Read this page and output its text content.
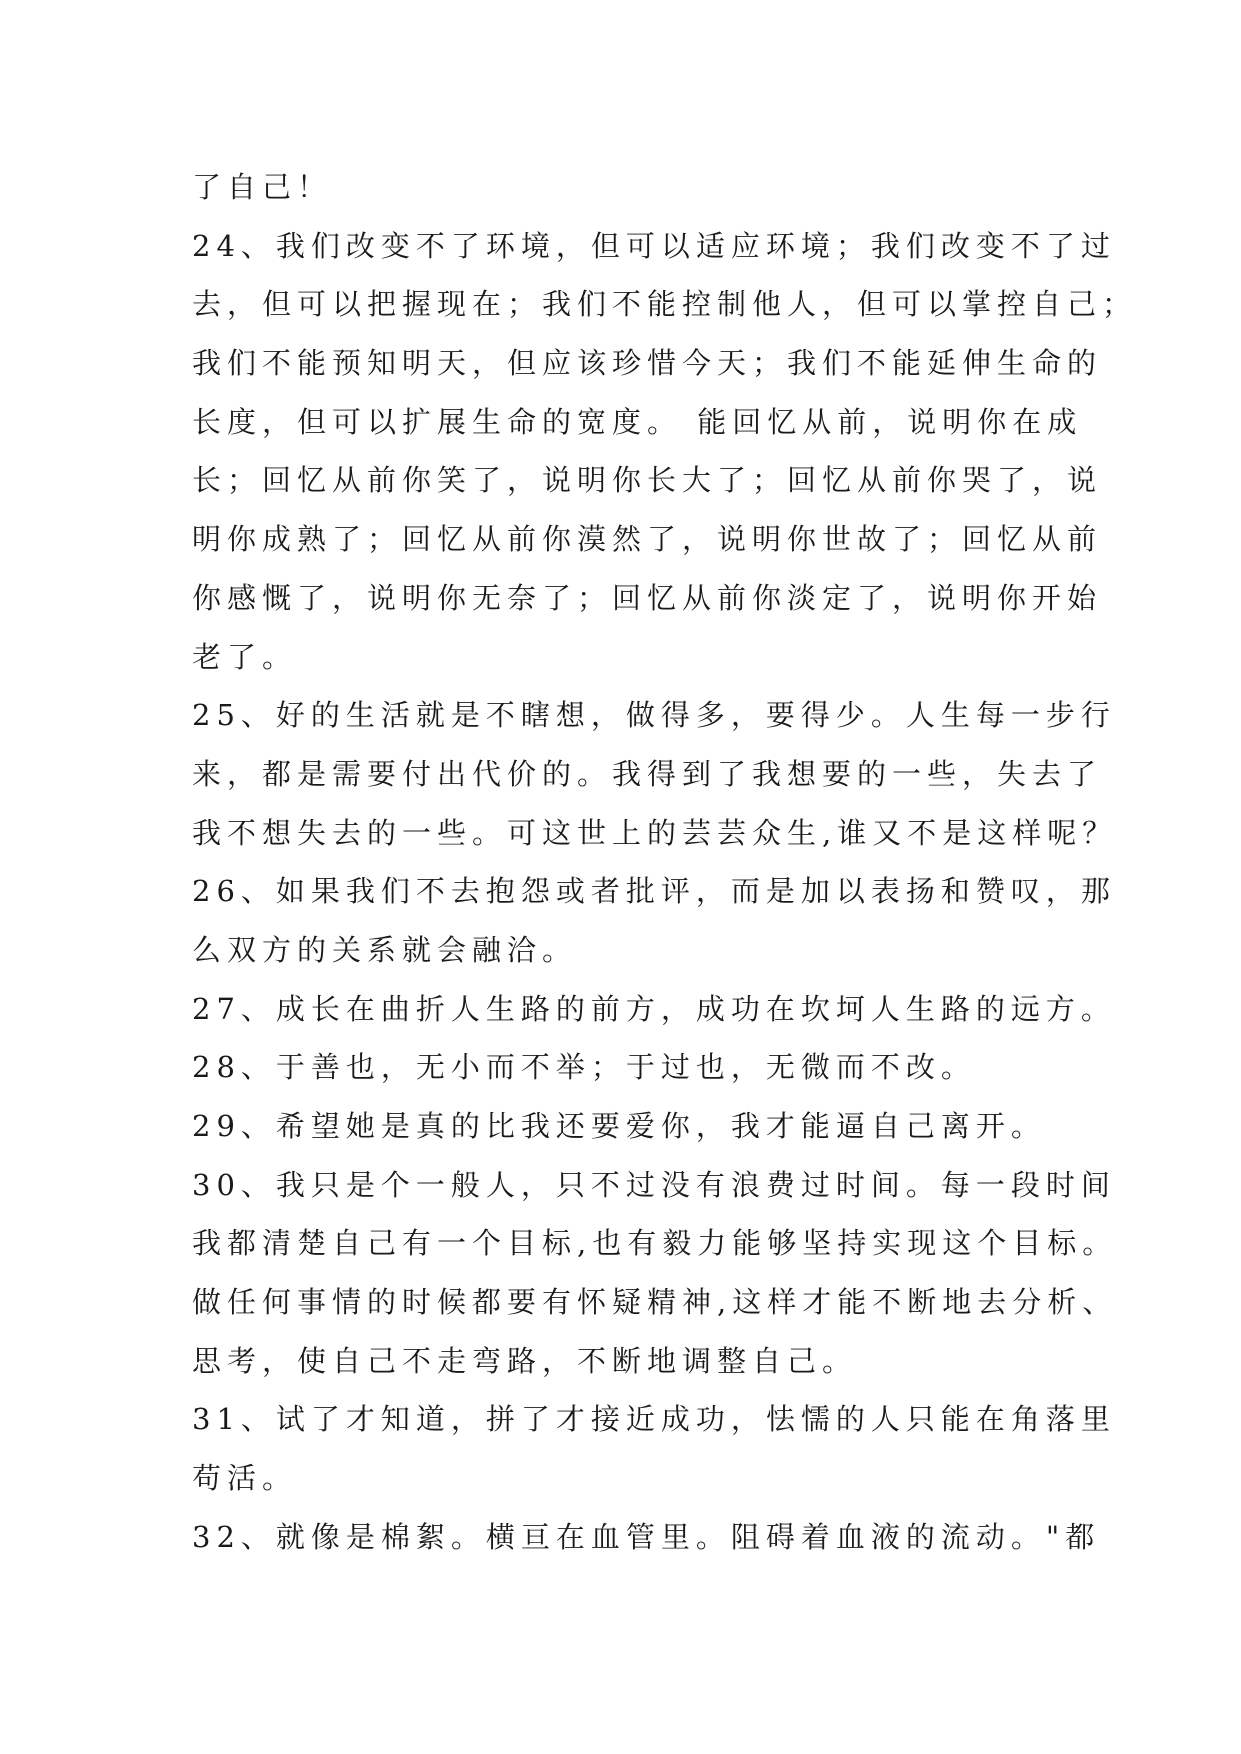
了自己！
24、我们改变不了环境，但可以适应环境；我们改变不了过
去，但可以把握现在；我们不能控制他人，但可以掌控自己；
我们不能预知明天，但应该珍惜今天；我们不能延伸生命的
长度，但可以扩展生命的宽度。 能回忆从前，说明你在成
长；回忆从前你笑了，说明你长大了；回忆从前你哭了，说
明你成熟了；回忆从前你漠然了，说明你世故了；回忆从前
你感慨了，说明你无奈了；回忆从前你淡定了，说明你开始
老了。
25、好的生活就是不瞎想，做得多，要得少。人生每一步行
来，都是需要付出代价的。我得到了我想要的一些，失去了
我不想失去的一些。可这世上的芸芸众生,谁又不是这样呢？
26、如果我们不去抱怨或者批评，而是加以表扬和赞叹，那
么双方的关系就会融洽。
27、成长在曲折人生路的前方，成功在坎坷人生路的远方。
28、于善也，无小而不举；于过也，无微而不改。
29、希望她是真的比我还要爱你，我才能逼自己离开。
30、我只是个一般人，只不过没有浪费过时间。每一段时间
我都清楚自己有一个目标,也有毅力能够坚持实现这个目标。
做任何事情的时候都要有怀疑精神,这样才能不断地去分析、
思考，使自己不走弯路，不断地调整自己。
31、试了才知道，拼了才接近成功，怯懦的人只能在角落里
苟活。
32、就像是棉絮。横亘在血管里。阻碍着血液的流动。"都
